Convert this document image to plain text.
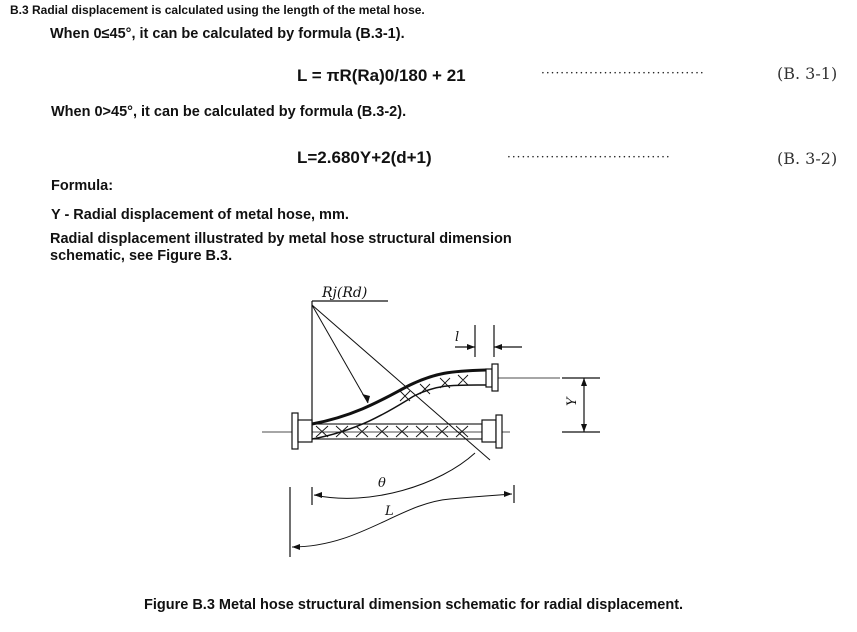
B.3 Radial displacement is calculated using the length of the metal hose.
When 0≤45°, it can be calculated by formula (B.3-1).
L = πR(Ra)0/180 + 21	··································	(B. 3-1)
When 0>45°, it can be calculated by formula (B.3-2).
L=2.680Y+2(d+1)	··································	(B. 3-2)
Formula:
Y - Radial displacement of metal hose, mm.
Radial displacement illustrated by metal hose structural dimension schematic, see Figure B.3.
Rj(Rd)
l
Y
θ
L
Figure B.3 Metal hose structural dimension schematic for radial displacement.
